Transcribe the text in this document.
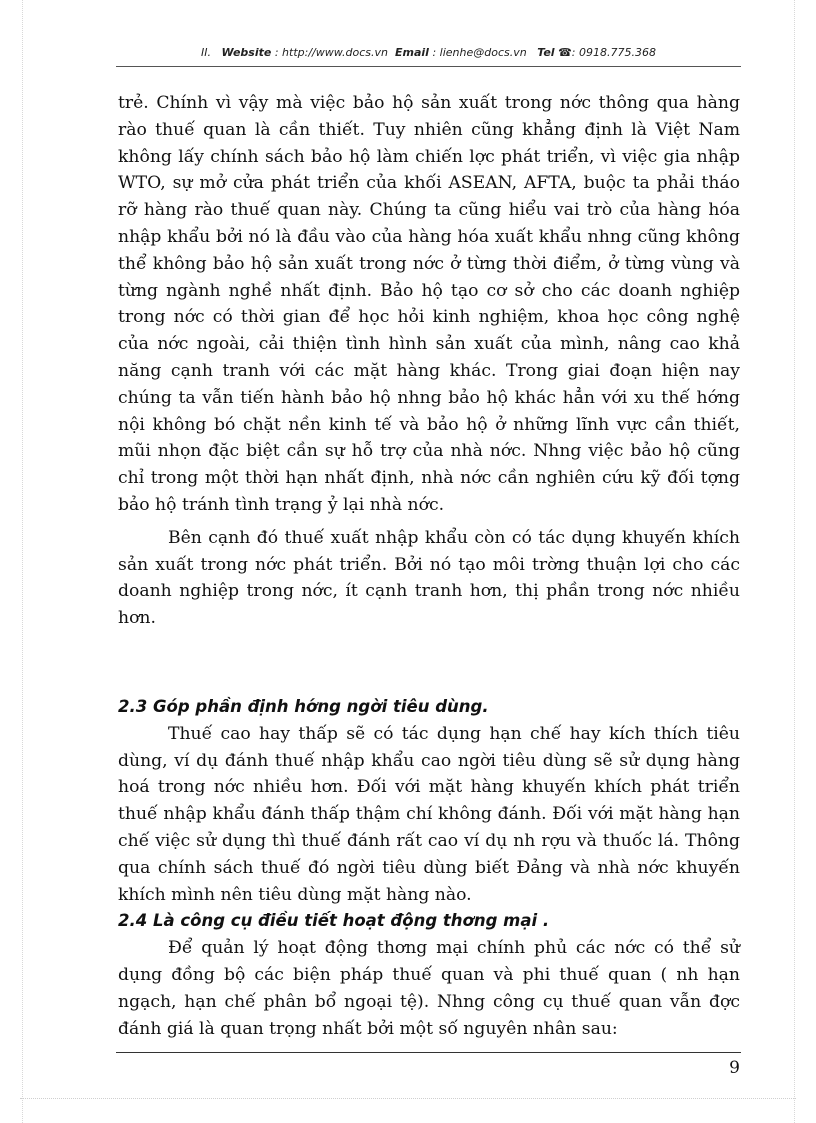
II. Website : http://www.docs.vn Email : lienhe@docs.vn Tel ☎: 0918.775.368

trẻ. Chính vì vậy mà việc bảo hộ sản xuất trong nớc thông qua hàng rào thuế quan là cần thiết. Tuy nhiên cũng khẳng định là Việt Nam không lấy chính sách bảo hộ làm chiến lợc phát triển, vì việc gia nhập WTO, sự mở cửa phát triển của khối ASEAN, AFTA, buộc ta phải tháo rỡ hàng rào thuế quan này. Chúng ta cũng hiểu vai trò của hàng hóa nhập khẩu bởi nó là đầu vào của hàng hóa xuất khẩu nhng cũng không thể không bảo hộ sản xuất trong nớc ở từng thời điểm, ở từng vùng và từng ngành nghề nhất định. Bảo hộ tạo cơ sở cho các doanh nghiệp trong nớc có thời gian để học hỏi kinh nghiệm, khoa học công nghệ của nớc ngoài, cải thiện tình hình sản xuất của mình, nâng cao khả năng cạnh tranh với các mặt hàng khác. Trong giai đoạn hiện nay chúng ta vẫn tiến hành bảo hộ nhng bảo hộ khác hẳn với xu thế hớng nội không bó chặt nền kinh tế và bảo hộ ở những lĩnh vực cần thiết, mũi nhọn đặc biệt cần sự hỗ trợ của nhà nớc. Nhng việc bảo hộ cũng chỉ trong một thời hạn nhất định, nhà nớc cần nghiên cứu kỹ đối tợng bảo hộ tránh tình trạng ỷ lại nhà nớc.

Bên cạnh đó thuế xuất nhập khẩu còn có tác dụng khuyến khích sản xuất trong nớc phát triển. Bởi nó tạo môi trờng thuận lợi cho các doanh nghiệp trong nớc, ít cạnh tranh hơn, thị phần trong nớc nhiều hơn.

2.3 Góp phần định hớng ngời tiêu dùng.

Thuế cao hay thấp sẽ có tác dụng hạn chế hay kích thích tiêu dùng, ví dụ đánh thuế nhập khẩu cao ngời tiêu dùng sẽ sử dụng hàng hoá trong nớc nhiều hơn. Đối với mặt hàng khuyến khích phát triển thuế nhập khẩu đánh thấp thậm chí không đánh. Đối với mặt hàng hạn chế việc sử dụng thì thuế đánh rất cao ví dụ nh rợu và thuốc lá. Thông qua chính sách thuế đó ngời tiêu dùng biết Đảng và nhà nớc khuyến khích mình nên tiêu dùng mặt hàng nào.

2.4 Là công cụ điều tiết hoạt động thơng mại .

Để quản lý hoạt động thơng mại chính phủ các nớc có thể sử dụng đồng bộ các biện pháp thuế quan và phi thuế quan ( nh hạn ngạch, hạn chế phân bổ ngoại tệ). Nhng công cụ thuế quan vẫn đợc đánh giá là quan trọng nhất bởi một số nguyên nhân sau:

9
